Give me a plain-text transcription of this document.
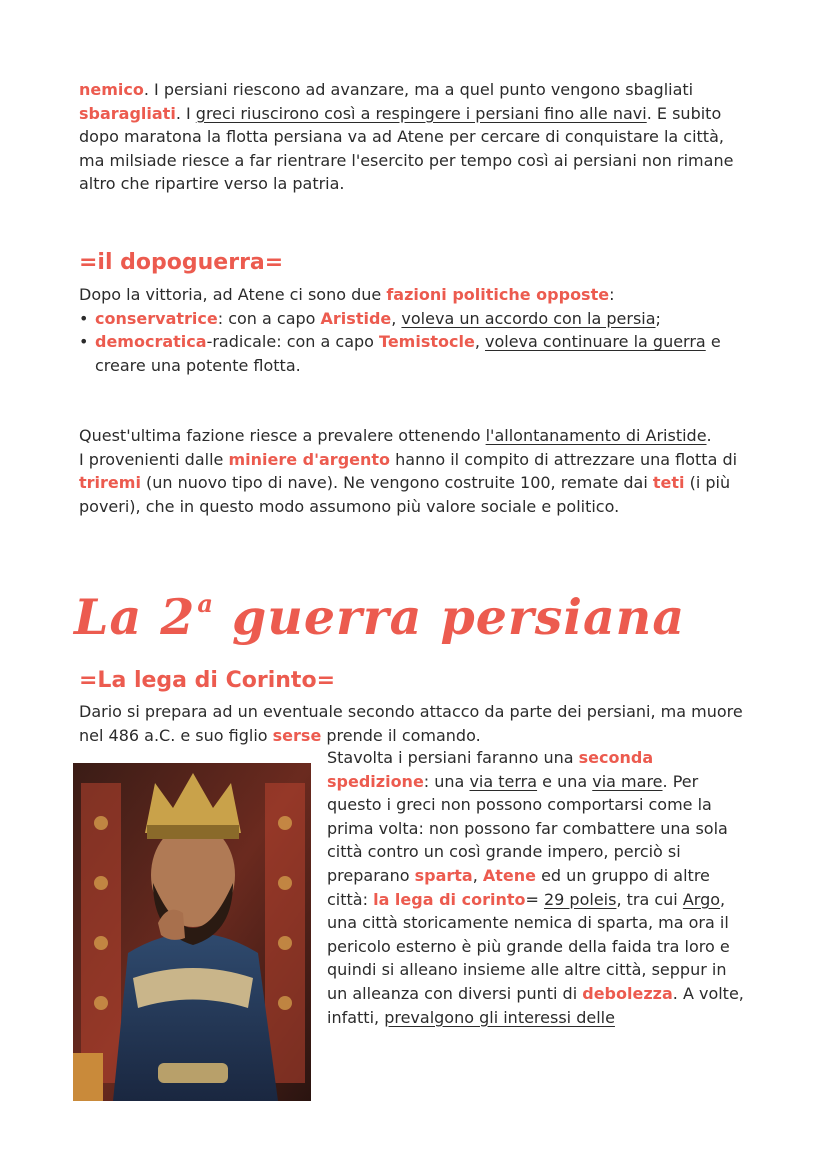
nemico. I persiani riescono ad avanzare, ma a quel punto vengono sbagliati sbaragliati. I greci riuscirono così a respingere i persiani fino alle navi. E subito dopo maratona la flotta persiana va ad Atene per cercare di conquistare la città, ma milsiade riesce a far rientrare l'esercito per tempo così ai persiani non rimane altro che ripartire verso la patria.
=il dopoguerra=
Dopo la vittoria, ad Atene ci sono due fazioni politiche opposte:
• conservatrice: con a capo Aristide, voleva un accordo con la persia;
• democratica-radicale: con a capo Temistocle, voleva continuare la guerra e creare una potente flotta.
Quest'ultima fazione riesce a prevalere ottenendo l'allontanamento di Aristide.
I provenienti dalle miniere d'argento hanno il compito di attrezzare una flotta di triremi (un nuovo tipo di nave). Ne vengono costruite 100, remate dai teti (i più poveri), che in questo modo assumono più valore sociale e politico.
La 2$^a$ guerra persiana
=La lega di Corinto=
Dario si prepara ad un eventuale secondo attacco da parte dei persiani, ma muore nel 486 a.C. e suo figlio serse prende il comando.
Stavolta i persiani faranno una seconda spedizione: una via terra e una via mare. Per questo i greci non possono comportarsi come la prima volta: non possono far combattere una sola città contro un così grande impero, perciò si preparano sparta, Atene ed un gruppo di altre città: la lega di corinto= 29 poleis, tra cui Argo, una città storicamente nemica di sparta, ma ora il pericolo esterno è più grande della faida tra loro e quindi si alleano insieme alle altre città, seppur in un alleanza con diversi punti di debolezza. A volte, infatti, prevalgono gli interessi delle
